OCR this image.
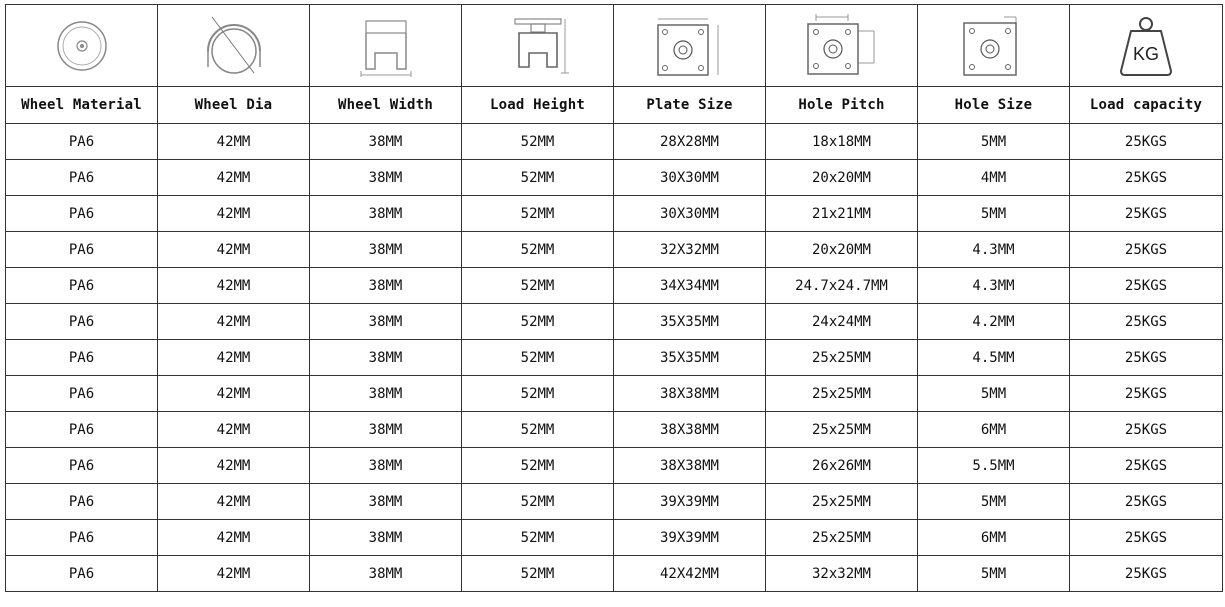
KG

Wheel Material	Wheel Dia	Wheel Width	Load Height	Plate Size	Hole Pitch	Hole Size	Load capacity
PA6	42MM	38MM	52MM	28X28MM	18x18MM	5MM	25KGS
PA6	42MM	38MM	52MM	30X30MM	20x20MM	4MM	25KGS
PA6	42MM	38MM	52MM	30X30MM	21x21MM	5MM	25KGS
PA6	42MM	38MM	52MM	32X32MM	20x20MM	4.3MM	25KGS
PA6	42MM	38MM	52MM	34X34MM	24.7x24.7MM	4.3MM	25KGS
PA6	42MM	38MM	52MM	35X35MM	24x24MM	4.2MM	25KGS
PA6	42MM	38MM	52MM	35X35MM	25x25MM	4.5MM	25KGS
PA6	42MM	38MM	52MM	38X38MM	25x25MM	5MM	25KGS
PA6	42MM	38MM	52MM	38X38MM	25x25MM	6MM	25KGS
PA6	42MM	38MM	52MM	38X38MM	26x26MM	5.5MM	25KGS
PA6	42MM	38MM	52MM	39X39MM	25x25MM	5MM	25KGS
PA6	42MM	38MM	52MM	39X39MM	25x25MM	6MM	25KGS
PA6	42MM	38MM	52MM	42X42MM	32x32MM	5MM	25KGS
